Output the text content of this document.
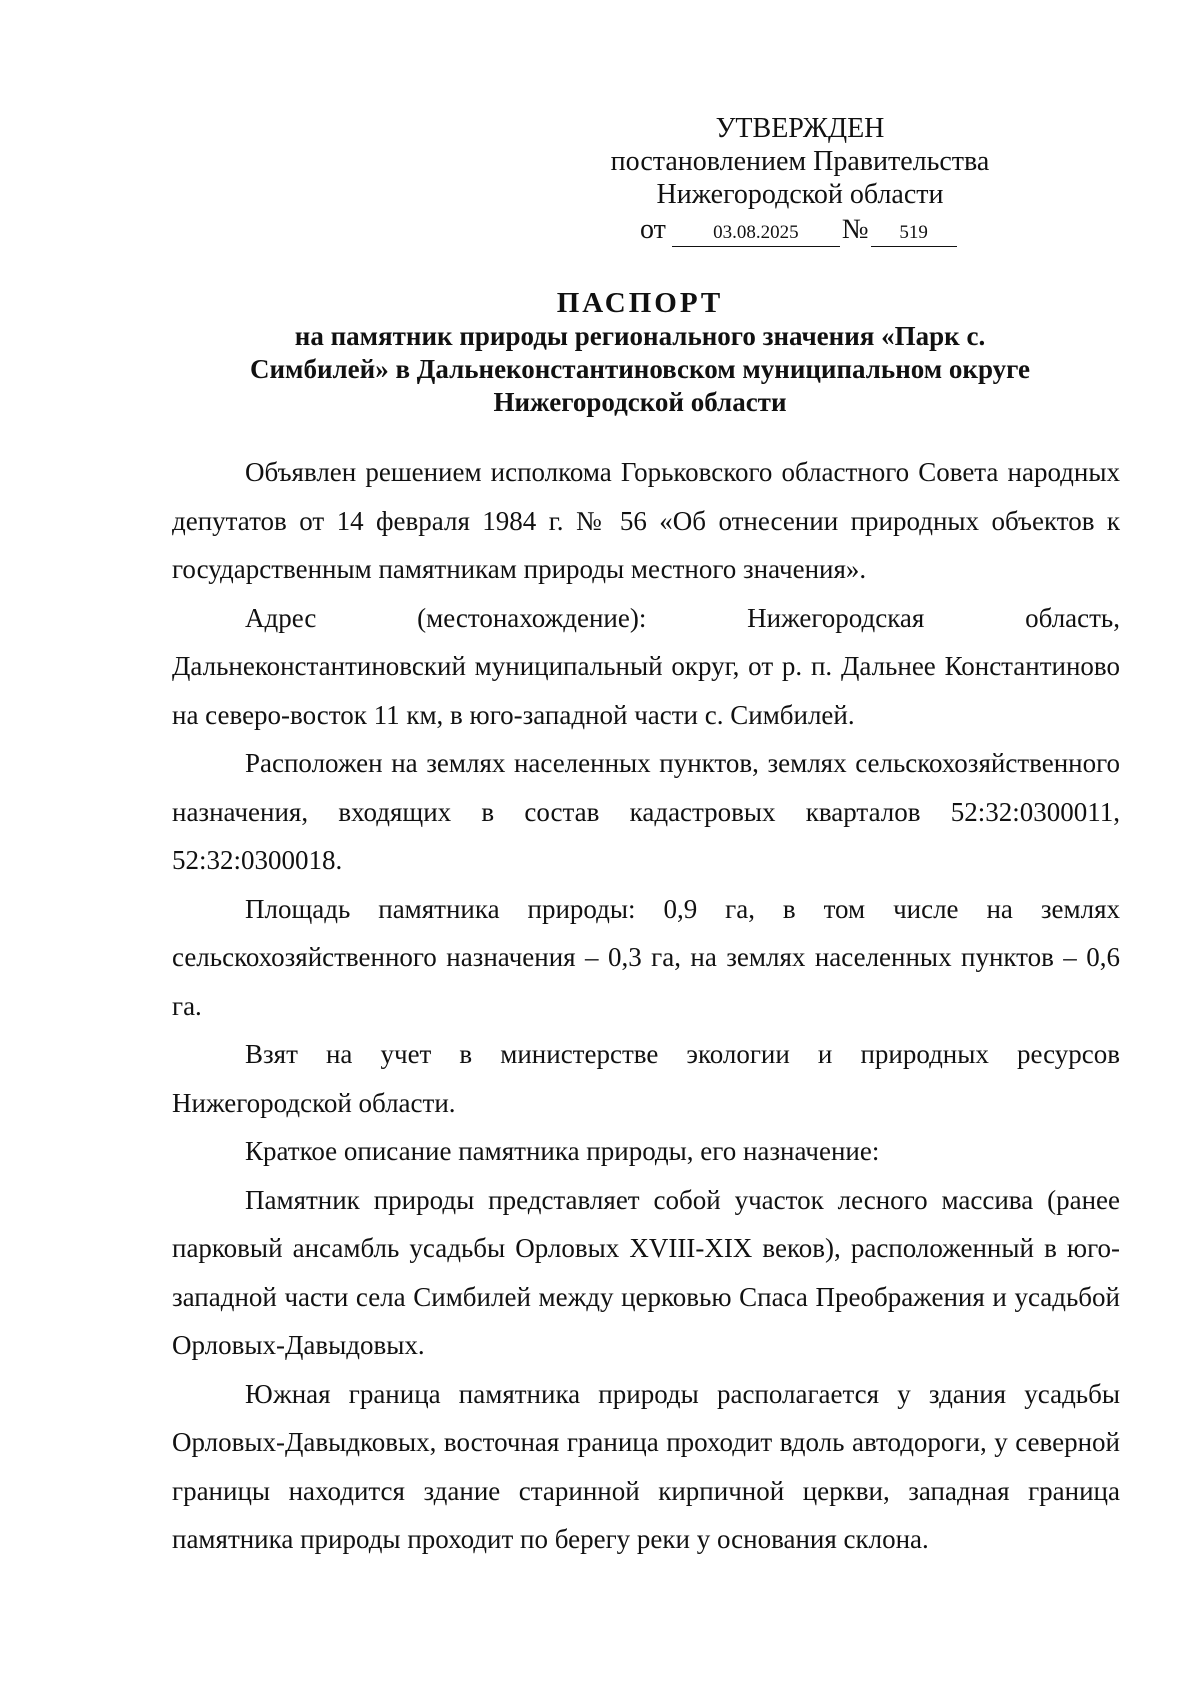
УТВЕРЖДЕН
постановлением Правительства
Нижегородской области
от 03.08.2025 № 519
ПАСПОРТ
на памятник природы регионального значения «Парк с.
Симбилей» в Дальнеконстантиновском муниципальном округе
Нижегородской области

Объявлен решением исполкома Горьковского областного Совета народных депутатов от 14 февраля 1984 г. № 56 «Об отнесении природных объектов к государственным памятникам природы местного значения».

Адрес (местонахождение): Нижегородская область, Дальнеконстантиновский муниципальный округ, от р. п. Дальнее Константиново на северо-восток 11 км, в юго-западной части с. Симбилей.

Расположен на землях населенных пунктов, землях сельскохозяйственного назначения, входящих в состав кадастровых кварталов 52:32:0300011, 52:32:0300018.

Площадь памятника природы: 0,9 га, в том числе на землях сельскохозяйственного назначения – 0,3 га, на землях населенных пунктов – 0,6 га.

Взят на учет в министерстве экологии и природных ресурсов Нижегородской области.

Краткое описание памятника природы, его назначение:

Памятник природы представляет собой участок лесного массива (ранее парковый ансамбль усадьбы Орловых XVIII-XIX веков), расположенный в юго-западной части села Симбилей между церковью Спаса Преображения и усадьбой Орловых-Давыдовых.

Южная граница памятника природы располагается у здания усадьбы Орловых-Давыдковых, восточная граница проходит вдоль автодороги, у северной границы находится здание старинной кирпичной церкви, западная граница памятника природы проходит по берегу реки у основания склона.
